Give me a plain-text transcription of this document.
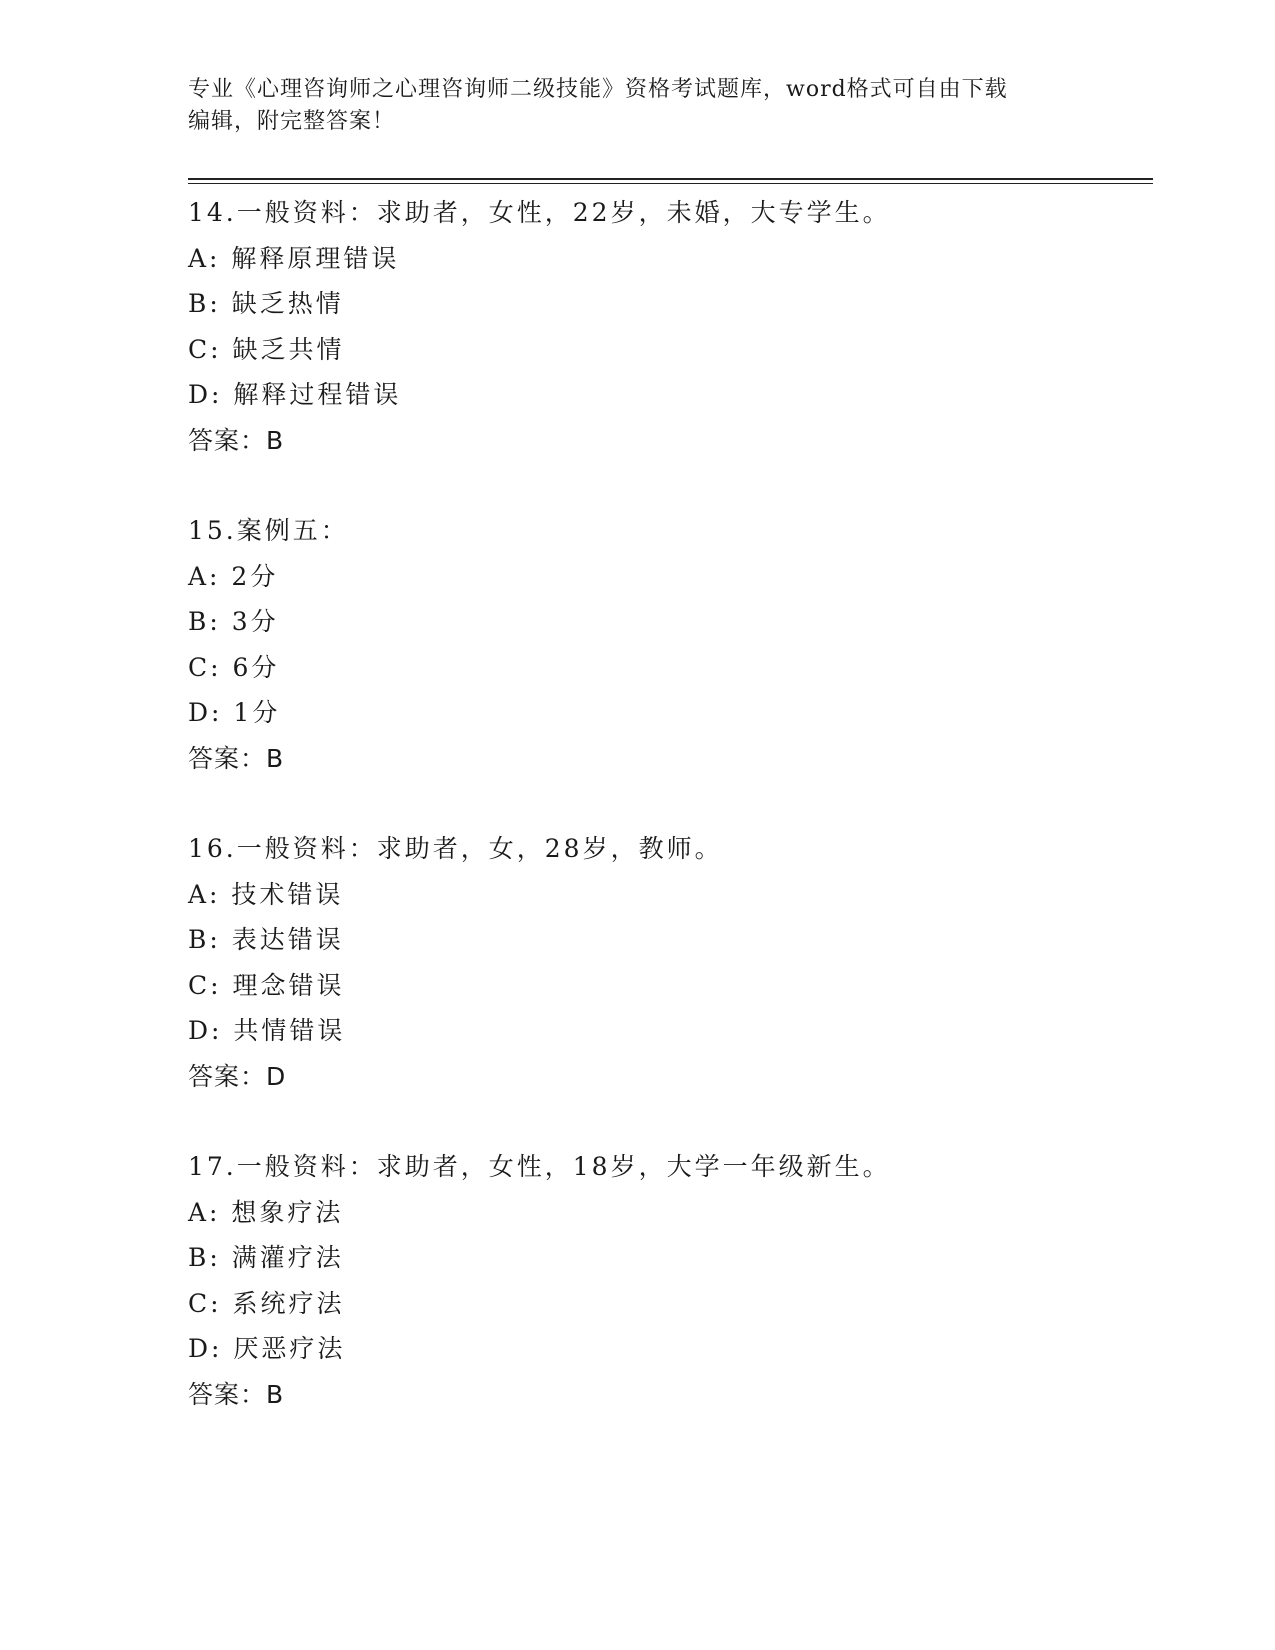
专业《心理咨询师之心理咨询师二级技能》资格考试题库，word格式可自由下载
编辑，附完整答案！
14.一般资料：求助者，女性，22岁，未婚，大专学生。
A: 解释原理错误
B: 缺乏热情
C: 缺乏共情
D: 解释过程错误
答案：B
15.案例五：
A: 2分
B: 3分
C: 6分
D: 1分
答案：B
16.一般资料：求助者，女，28岁，教师。
A: 技术错误
B: 表达错误
C: 理念错误
D: 共情错误
答案：D
17.一般资料：求助者，女性，18岁，大学一年级新生。
A: 想象疗法
B: 满灌疗法
C: 系统疗法
D: 厌恶疗法
答案：B
